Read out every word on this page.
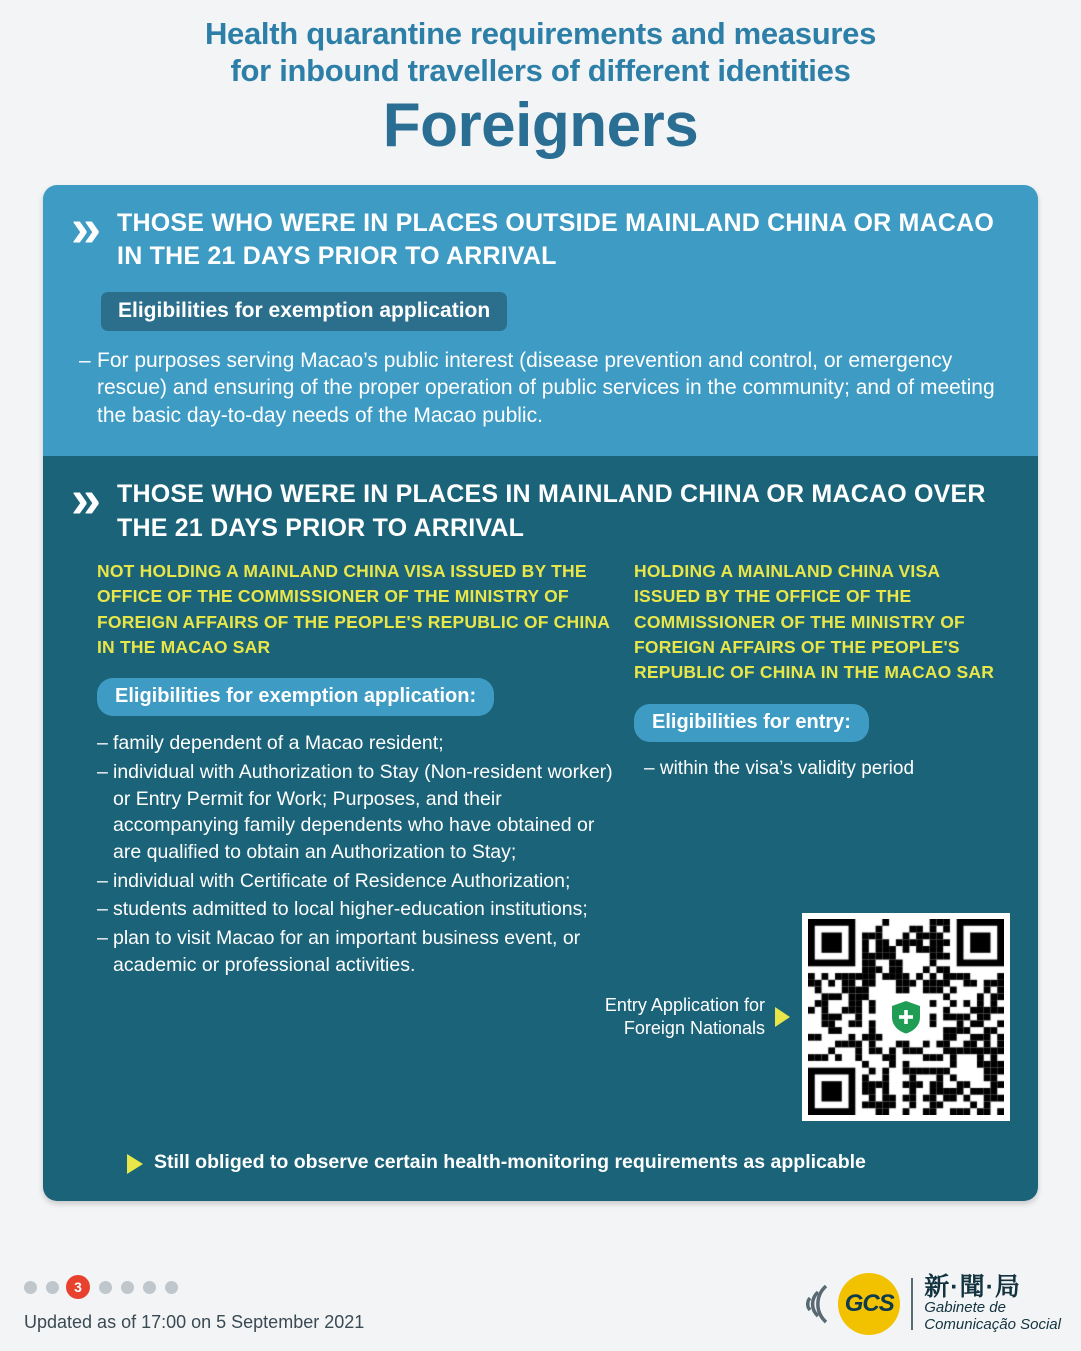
Health quarantine requirements and measures
for inbound travellers of different identities
Foreigners
»	THOSE WHO WERE IN PLACES OUTSIDE MAINLAND CHINA OR MACAO IN THE 21 DAYS PRIOR TO ARRIVAL
Eligibilities for exemption application
– For purposes serving Macao’s public interest (disease prevention and control, or emergency rescue) and ensuring of the proper operation of public services in the community; and of meeting the basic day-to-day needs of the Macao public.
»	THOSE WHO WERE IN PLACES IN MAINLAND CHINA OR MACAO OVER THE 21 DAYS PRIOR TO ARRIVAL
NOT HOLDING A MAINLAND CHINA VISA ISSUED BY THE OFFICE OF THE COMMISSIONER OF THE MINISTRY OF FOREIGN AFFAIRS OF THE PEOPLE'S REPUBLIC OF CHINA IN THE MACAO SAR
Eligibilities for exemption application:
– family dependent of a Macao resident;
– individual with Authorization to Stay (Non-resident worker) or Entry Permit for Work; Purposes, and their accompanying family dependents who have obtained or are qualified to obtain an Authorization to Stay;
– individual with Certificate of Residence Authorization;
– students admitted to local higher-education institutions;
– plan to visit Macao for an important business event, or academic or professional activities.
HOLDING A MAINLAND CHINA VISA ISSUED BY THE OFFICE OF THE COMMISSIONER OF THE MINISTRY OF FOREIGN AFFAIRS OF THE PEOPLE'S REPUBLIC OF CHINA IN THE MACAO SAR
Eligibilities for entry:
– within the visa’s validity period
Entry Application for
Foreign Nationals
Still obliged to observe certain health-monitoring requirements as applicable
3
Updated as of 17:00 on 5 September 2021
GCS
新·聞·局
Gabinete de
Comunicação Social
